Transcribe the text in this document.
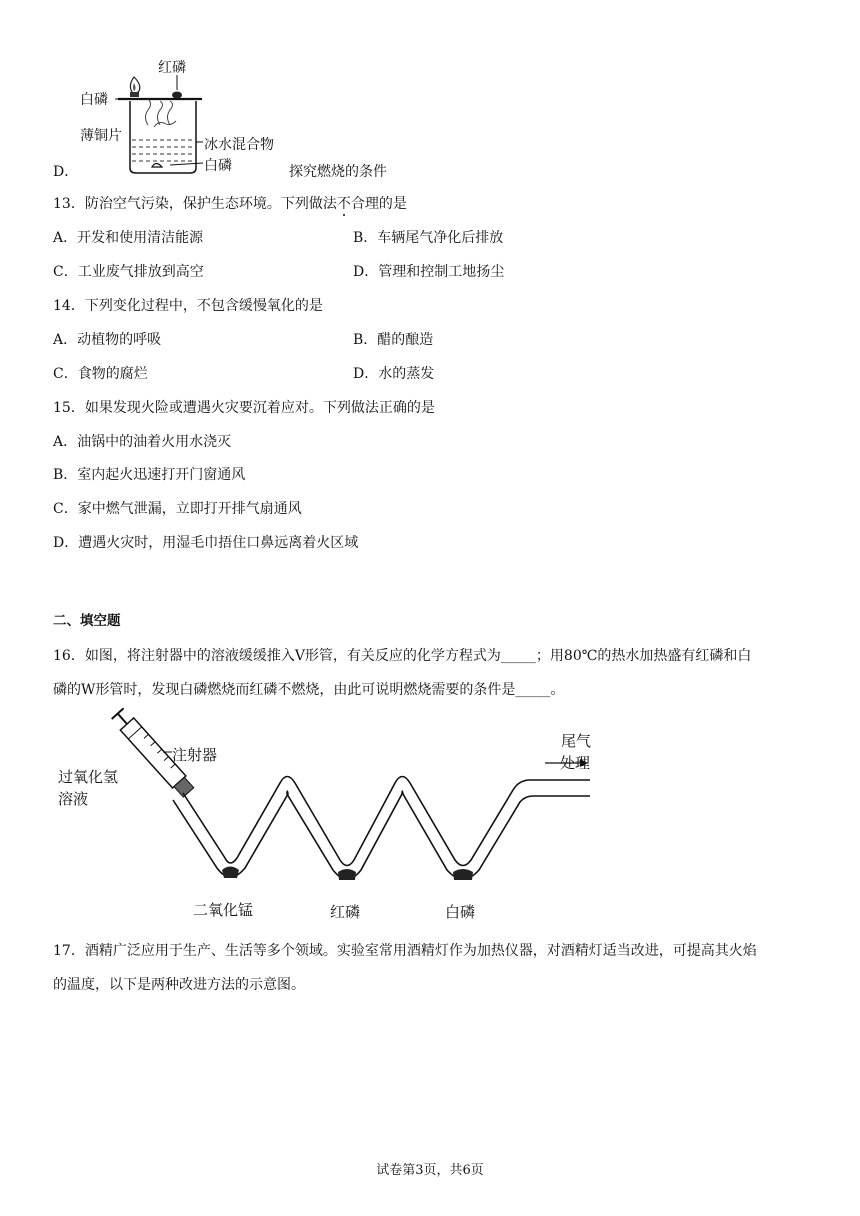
红磷
白磷
薄铜片
冰水混合物
白磷
D．	探究燃烧的条件
13．防治空气污染，保护生态环境。下列做法不合理的是
A．开发和使用清洁能源	B．车辆尾气净化后排放
C．工业废气排放到高空	D．管理和控制工地扬尘
14．下列变化过程中，不包含缓慢氧化的是
A．动植物的呼吸	B．醋的酿造
C．食物的腐烂	D．水的蒸发
15．如果发现火险或遭遇火灾要沉着应对。下列做法正确的是
A．油锅中的油着火用水浇灭
B．室内起火迅速打开门窗通风
C．家中燃气泄漏，立即打开排气扇通风
D．遭遇火灾时，用湿毛巾捂住口鼻远离着火区域
二、填空题
16．如图，将注射器中的溶液缓缓推入V形管，有关反应的化学方程式为_____；用80℃的热水加热盛有红磷和白
磷的W形管时，发现白磷燃烧而红磷不燃烧，由此可说明燃烧需要的条件是_____。
注射器
过氧化氢
溶液
二氧化锰	红磷	白磷
尾气
处理
17．酒精广泛应用于生产、生活等多个领域。实验室常用酒精灯作为加热仪器，对酒精灯适当改进，可提高其火焰
的温度，以下是两种改进方法的示意图。
试卷第3页，共6页
